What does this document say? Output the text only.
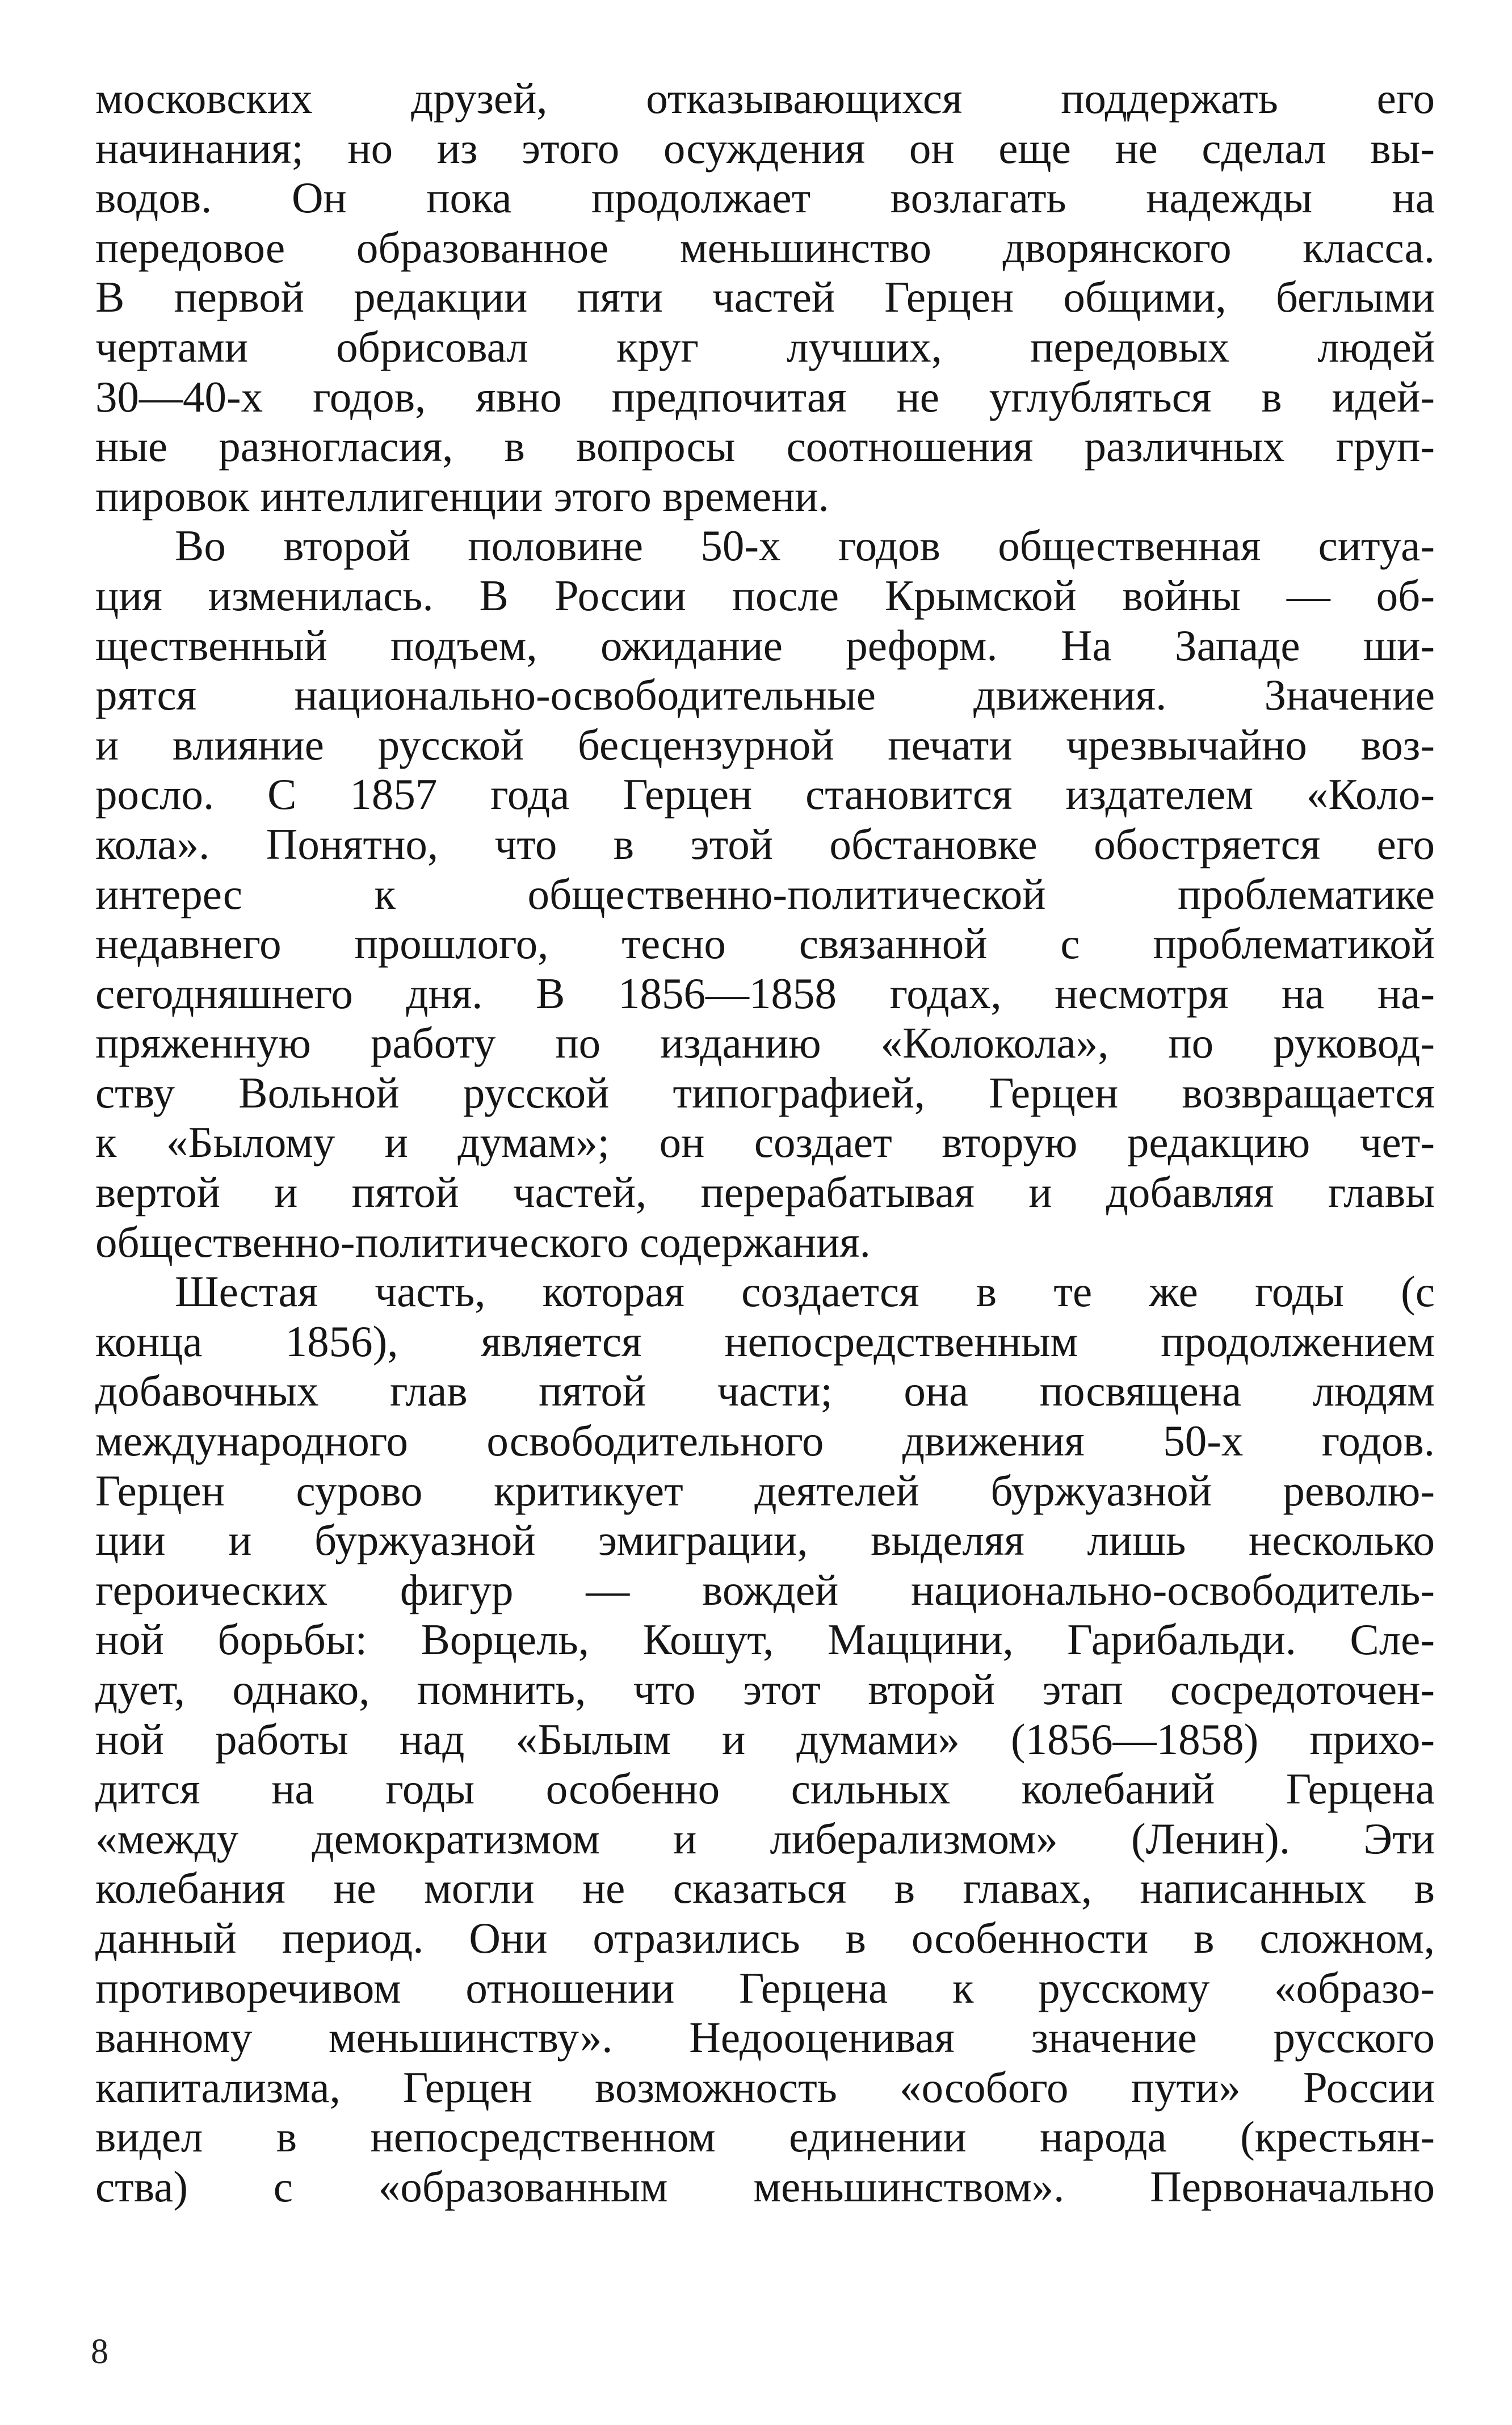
московских друзей, отказывающихся поддержать его
начинания; но из этого осуждения он еще не сделал вы-
водов. Он пока продолжает возлагать надежды на
передовое образованное меньшинство дворянского класса.
В первой редакции пяти частей Герцен общими, беглыми
чертами обрисовал круг лучших, передовых людей
30—40-х годов, явно предпочитая не углубляться в идей-
ные разногласия, в вопросы соотношения различных груп-
пировок интеллигенции этого времени.

Во второй половине 50-х годов общественная ситуа-
ция изменилась. В России после Крымской войны — об-
щественный подъем, ожидание реформ. На Западе ши-
рятся национально-освободительные движения. Значение
и влияние русской бесцензурной печати чрезвычайно воз-
росло. С 1857 года Герцен становится издателем «Коло-
кола». Понятно, что в этой обстановке обостряется его
интерес к общественно-политической проблематике
недавнего прошлого, тесно связанной с проблематикой
сегодняшнего дня. В 1856—1858 годах, несмотря на на-
пряженную работу по изданию «Колокола», по руковод-
ству Вольной русской типографией, Герцен возвращается
к «Былому и думам»; он создает вторую редакцию чет-
вертой и пятой частей, перерабатывая и добавляя главы
общественно-политического содержания.

Шестая часть, которая создается в те же годы (с
конца 1856), является непосредственным продолжением
добавочных глав пятой части; она посвящена людям
международного освободительного движения 50-х годов.
Герцен сурово критикует деятелей буржуазной револю-
ции и буржуазной эмиграции, выделяя лишь несколько
героических фигур — вождей национально-освободитель-
ной борьбы: Ворцель, Кошут, Маццини, Гарибальди. Сле-
дует, однако, помнить, что этот второй этап сосредоточен-
ной работы над «Былым и думами» (1856—1858) прихо-
дится на годы особенно сильных колебаний Герцена
«между демократизмом и либерализмом» (Ленин). Эти
колебания не могли не сказаться в главах, написанных в
данный период. Они отразились в особенности в сложном,
противоречивом отношении Герцена к русскому «образо-
ванному меньшинству». Недооценивая значение русского
капитализма, Герцен возможность «особого пути» России
видел в непосредственном единении народа (крестьян-
ства) с «образованным меньшинством». Первоначально

8
